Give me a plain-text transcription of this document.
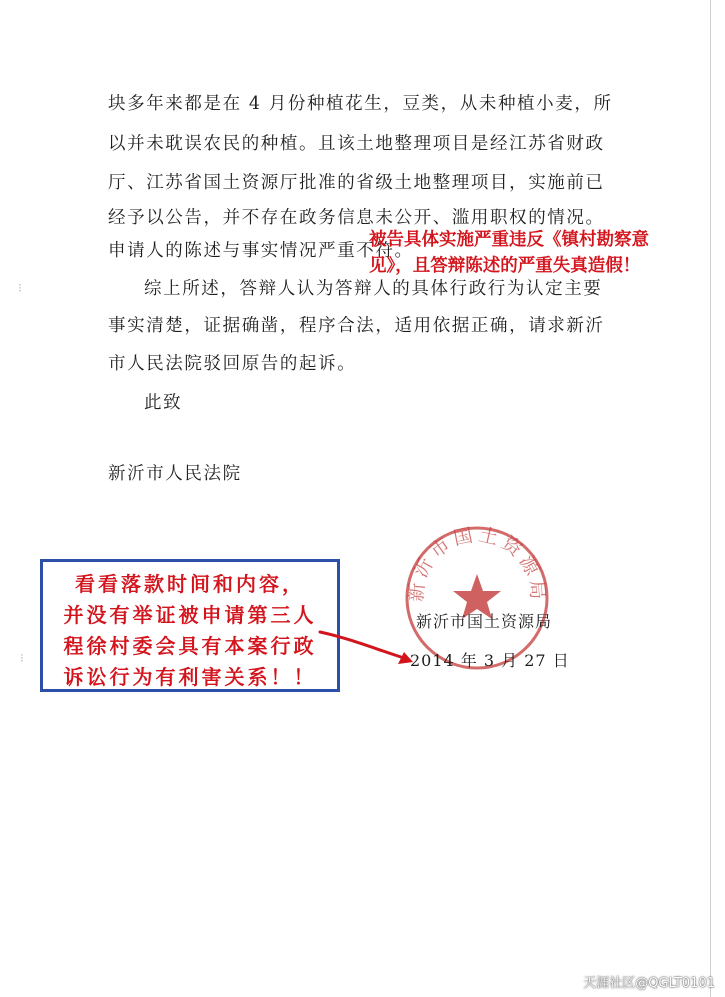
块多年来都是在 4 月份种植花生，豆类，从未种植小麦，所
以并未耽误农民的种植。且该土地整理项目是经江苏省财政
厅、江苏省国土资源厅批准的省级土地整理项目，实施前已
经予以公告，并不存在政务信息未公开、滥用职权的情况。
申请人的陈述与事实情况严重不符。
被告具体实施严重违反《镇村勘察意
见》，且答辩陈述的严重失真造假！
综上所述，答辩人认为答辩人的具体行政行为认定主要
事实清楚，证据确凿，程序合法，适用依据正确，请求新沂
市人民法院驳回原告的起诉。
此致
新沂市人民法院
⁝
⁝
新沂市国土资源局
新沂市国土资源局
2014 年 3 月 27 日
看看落款时间和内容，
并没有举证被申请第三人
程徐村委会具有本案行政
诉讼行为有利害关系！！
天涯社区@QGLT0101
